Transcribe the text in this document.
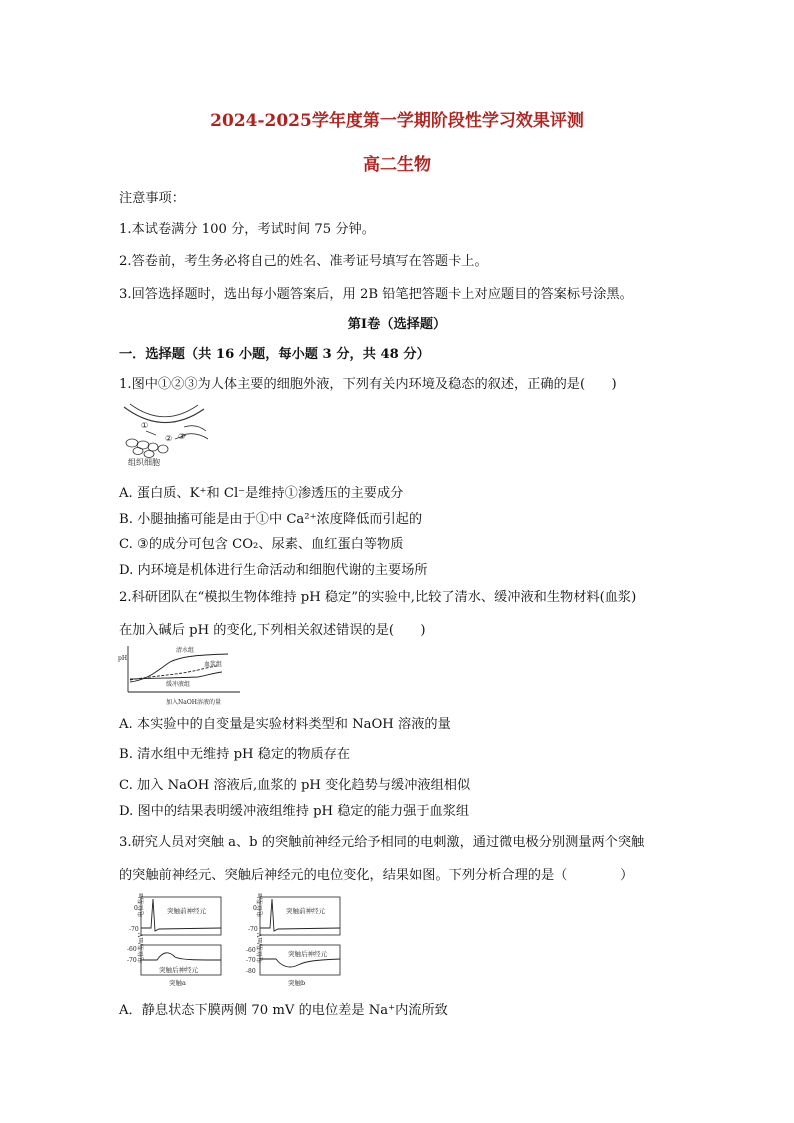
2024-2025学年度第一学期阶段性学习效果评测
高二生物
注意事项：
1.本试卷满分 100 分，考试时间 75 分钟。
2.答卷前，考生务必将自己的姓名、准考证号填写在答题卡上。
3.回答选择题时，选出每小题答案后，用 2B 铅笔把答题卡上对应题目的答案标号涂黑。
第Ⅰ卷（选择题）
一．选择题（共 16 小题，每小题 3 分，共 48 分）
1.图中①②③为人体主要的细胞外液，下列有关内环境及稳态的叙述，正确的是(　　)
①
② ③
组织细胞
A. 蛋白质、K⁺和 Cl⁻是维持①渗透压的主要成分
B. 小腿抽搐可能是由于①中 Ca²⁺浓度降低而引起的
C. ③的成分可包含 CO₂、尿素、血红蛋白等物质
D. 内环境是机体进行生命活动和细胞代谢的主要场所
2.科研团队在“模拟生物体维持 pH 稳定”的实验中,比较了清水、缓冲液和生物材料(血浆)
在加入碱后 pH 的变化,下列相关叙述错误的是(　　)
pH
清水组
血浆组
缓冲液组
加入NaOH溶液的量
A. 本实验中的自变量是实验材料类型和 NaOH 溶液的量
B. 清水组中无维持 pH 稳定的物质存在
C. 加入 NaOH 溶液后,血浆的 pH 变化趋势与缓冲液组相似
D. 图中的结果表明缓冲液组维持 pH 稳定的能力强于血浆组
3.研究人员对突触 a、b 的突触前神经元给予相同的电刺激，通过微电极分别测量两个突触
的突触前神经元、突触后神经元的电位变化，结果如图。下列分析合理的是（　　　　）
电位差/mV
0
-70
突触前神经元
电位差/mV
-60
-70
突触后神经元
突触a
电位差/mV
0
-70
突触前神经元
电位差/mV
-60
-70
-80
突触后神经元
突触b
A．静息状态下膜两侧 70 mV 的电位差是 Na⁺内流所致
